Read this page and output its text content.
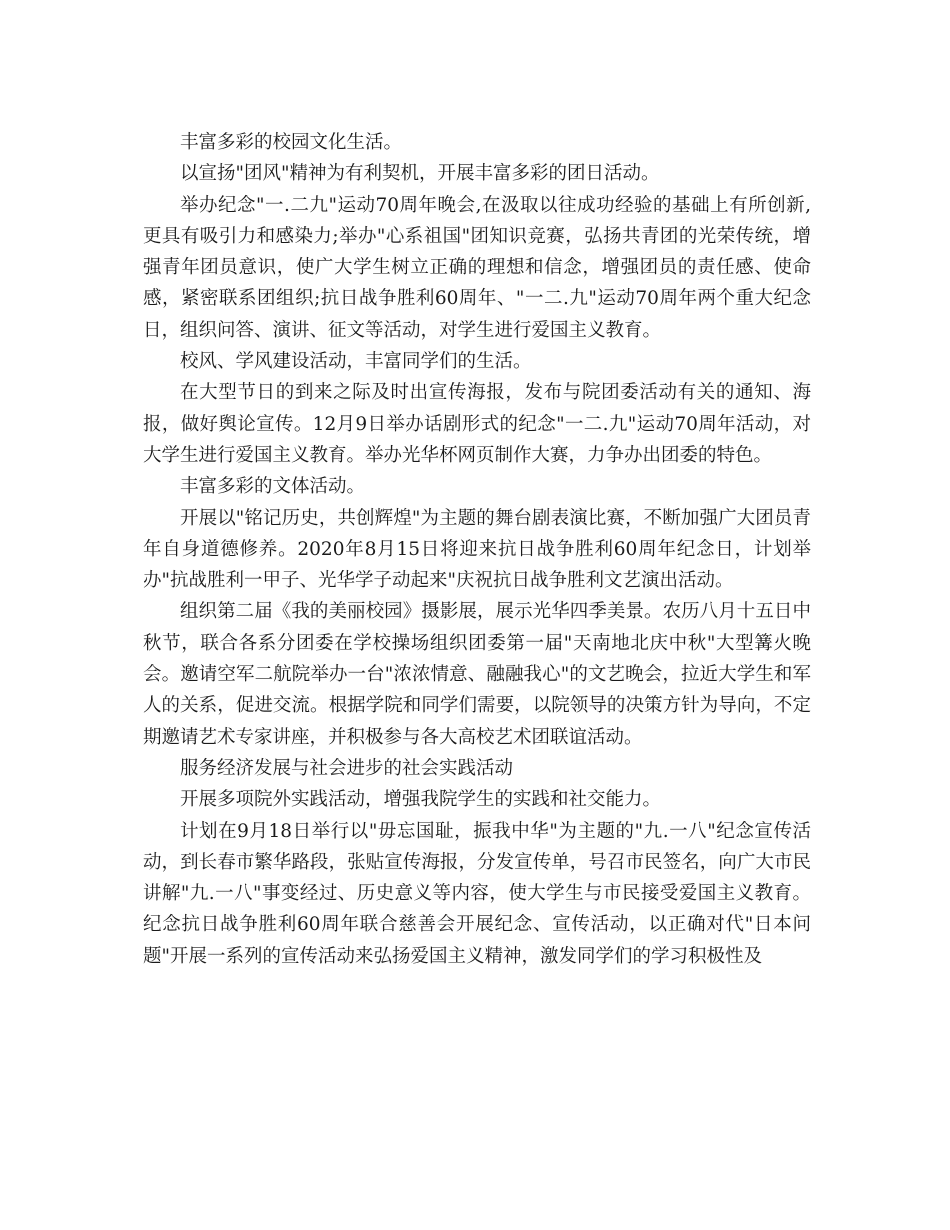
丰富多彩的校园文化生活。

以宣扬"团风"精神为有利契机，开展丰富多彩的团日活动。

举办纪念"一.二九"运动70周年晚会,在汲取以往成功经验的基础上有所创新,更具有吸引力和感染力;举办"心系祖国"团知识竞赛，弘扬共青团的光荣传统，增强青年团员意识，使广大学生树立正确的理想和信念，增强团员的责任感、使命感，紧密联系团组织;抗日战争胜利60周年、"一二.九"运动70周年两个重大纪念日，组织问答、演讲、征文等活动，对学生进行爱国主义教育。

校风、学风建设活动，丰富同学们的生活。

在大型节日的到来之际及时出宣传海报，发布与院团委活动有关的通知、海报，做好舆论宣传。12月9日举办话剧形式的纪念"一二.九"运动70周年活动，对大学生进行爱国主义教育。举办光华杯网页制作大赛，力争办出团委的特色。

丰富多彩的文体活动。

开展以"铭记历史，共创辉煌"为主题的舞台剧表演比赛，不断加强广大团员青年自身道德修养。2020年8月15日将迎来抗日战争胜利60周年纪念日，计划举办"抗战胜利一甲子、光华学子动起来"庆祝抗日战争胜利文艺演出活动。

组织第二届《我的美丽校园》摄影展，展示光华四季美景。农历八月十五日中秋节，联合各系分团委在学校操场组织团委第一届"天南地北庆中秋"大型篝火晚会。邀请空军二航院举办一台"浓浓情意、融融我心"的文艺晚会，拉近大学生和军人的关系，促进交流。根据学院和同学们需要，以院领导的决策方针为导向，不定期邀请艺术专家讲座，并积极参与各大高校艺术团联谊活动。

服务经济发展与社会进步的社会实践活动

开展多项院外实践活动，增强我院学生的实践和社交能力。

计划在9月18日举行以"毋忘国耻，振我中华"为主题的"九.一八"纪念宣传活动，到长春市繁华路段，张贴宣传海报，分发宣传单，号召市民签名，向广大市民讲解"九.一八"事变经过、历史意义等内容，使大学生与市民接受爱国主义教育。纪念抗日战争胜利60周年联合慈善会开展纪念、宣传活动，以正确对代"日本问题"开展一系列的宣传活动来弘扬爱国主义精神，激发同学们的学习积极性及
